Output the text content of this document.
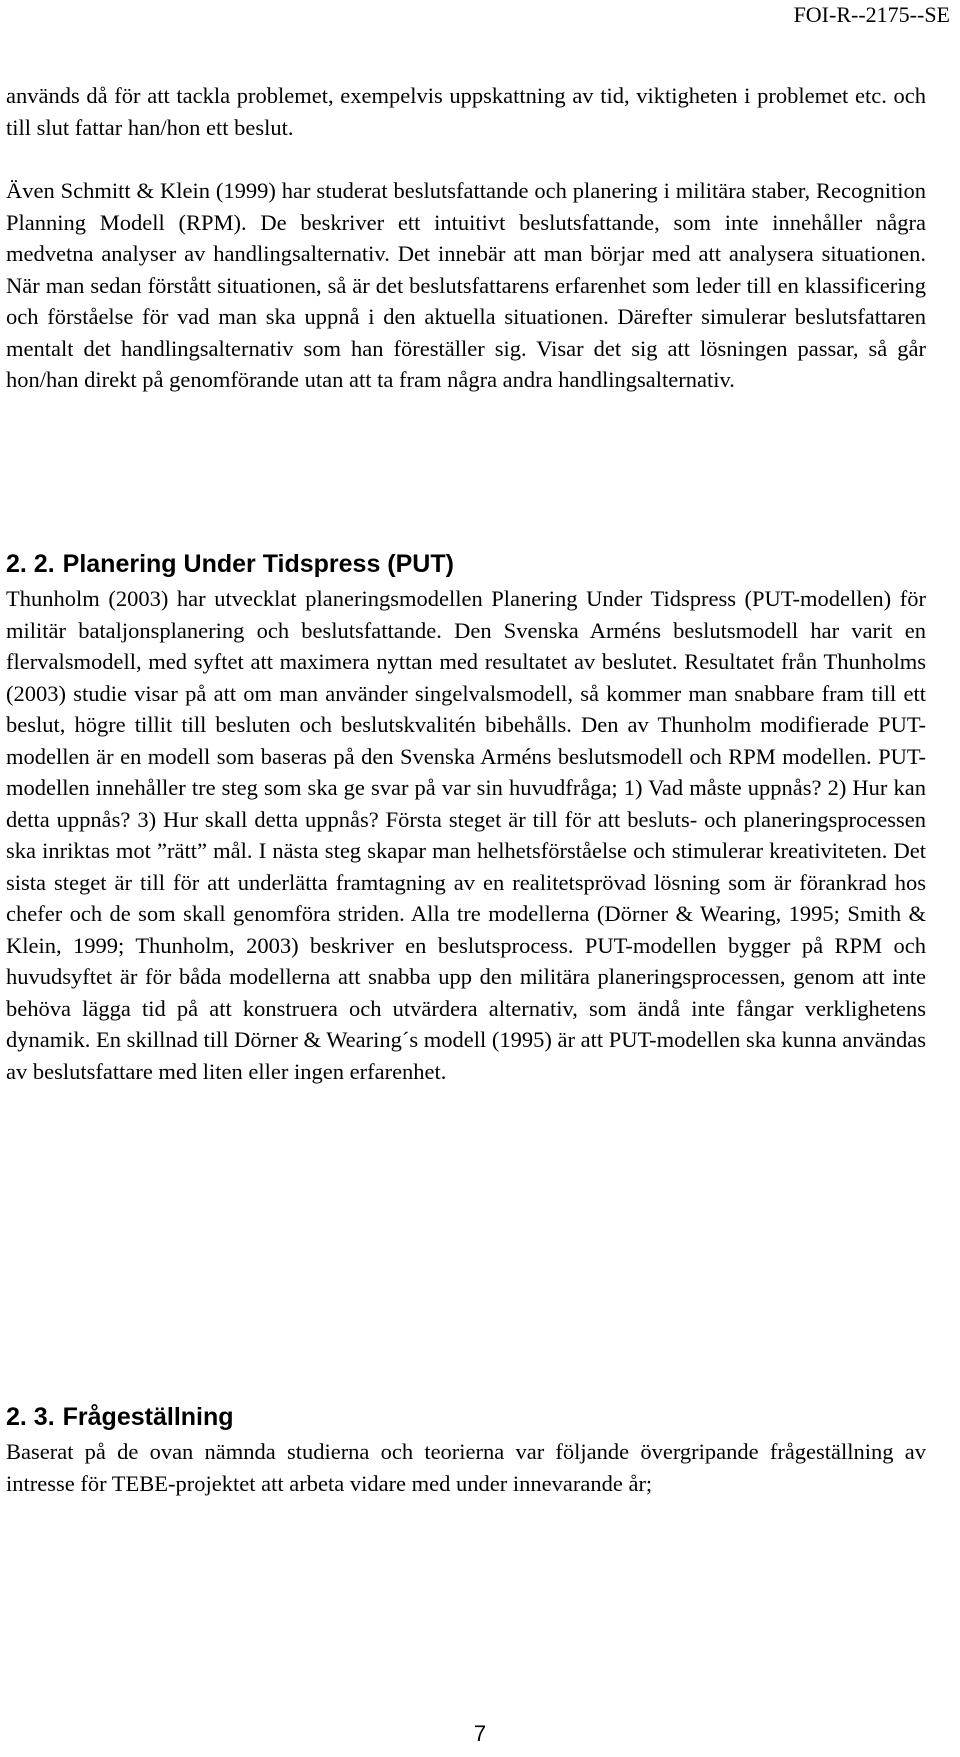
FOI-R--2175--SE

används då för att tackla problemet, exempelvis uppskattning av tid, viktigheten i problemet etc. och till slut fattar han/hon ett beslut.

Även Schmitt & Klein (1999) har studerat beslutsfattande och planering i militära staber, Recognition Planning Modell (RPM). De beskriver ett intuitivt beslutsfattande, som inte innehåller några medvetna analyser av handlingsalternativ. Det innebär att man börjar med att analysera situationen. När man sedan förstått situationen, så är det beslutsfattarens erfarenhet som leder till en klassificering och förståelse för vad man ska uppnå i den aktuella situationen. Därefter simulerar beslutsfattaren mentalt det handlingsalternativ som han föreställer sig. Visar det sig att lösningen passar, så går hon/han direkt på genomförande utan att ta fram några andra handlingsalternativ.

2. 2. Planering Under Tidspress (PUT)

Thunholm (2003) har utvecklat planeringsmodellen Planering Under Tidspress (PUT-modellen) för militär bataljonsplanering och beslutsfattande. Den Svenska Arméns beslutsmodell har varit en flervalsmodell, med syftet att maximera nyttan med resultatet av beslutet. Resultatet från Thunholms (2003) studie visar på att om man använder singelvalsmodell, så kommer man snabbare fram till ett beslut, högre tillit till besluten och beslutskvalitén bibehålls. Den av Thunholm modifierade PUT-modellen är en modell som baseras på den Svenska Arméns beslutsmodell och RPM modellen. PUT-modellen innehåller tre steg som ska ge svar på var sin huvudfråga; 1) Vad måste uppnås? 2) Hur kan detta uppnås? 3) Hur skall detta uppnås? Första steget är till för att besluts- och planeringsprocessen ska inriktas mot ”rätt” mål. I nästa steg skapar man helhetsförståelse och stimulerar kreativiteten. Det sista steget är till för att underlätta framtagning av en realitetsprövad lösning som är förankrad hos chefer och de som skall genomföra striden. Alla tre modellerna (Dörner & Wearing, 1995; Smith & Klein, 1999; Thunholm, 2003) beskriver en beslutsprocess. PUT-modellen bygger på RPM och huvudsyftet är för båda modellerna att snabba upp den militära planeringsprocessen, genom att inte behöva lägga tid på att konstruera och utvärdera alternativ, som ändå inte fångar verklighetens dynamik. En skillnad till Dörner & Wearing´s modell (1995) är att PUT-modellen ska kunna användas av beslutsfattare med liten eller ingen erfarenhet.

2. 3. Frågeställning

Baserat på de ovan nämnda studierna och teorierna var följande övergripande frågeställning av intresse för TEBE-projektet att arbeta vidare med under innevarande år;

7
